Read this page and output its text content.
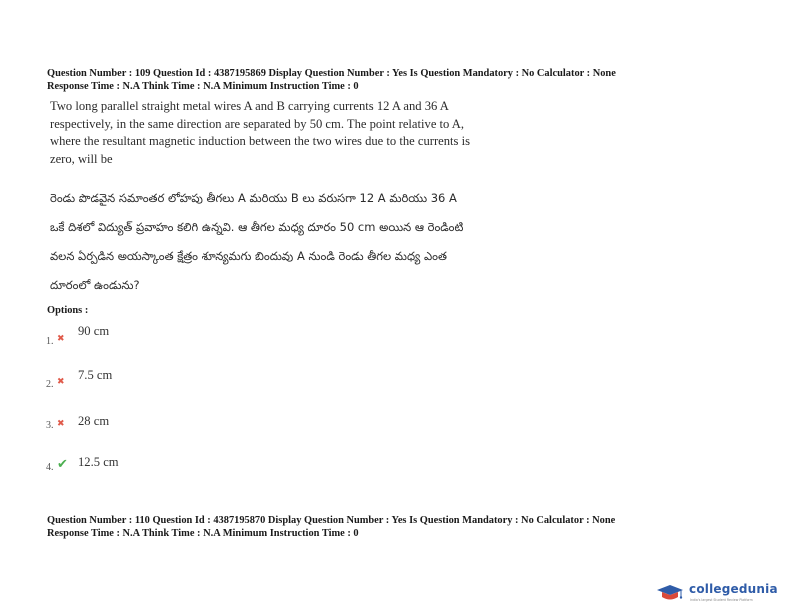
Question Number : 109 Question Id : 4387195869 Display Question Number : Yes Is Question Mandatory : No Calculator : None
Response Time : N.A Think Time : N.A Minimum Instruction Time : 0
Two long parallel straight metal wires A and B carrying currents 12 A and 36 A
respectively, in the same direction are separated by 50 cm. The point relative to A,
where the resultant magnetic induction between the two wires due to the currents is
zero, will be
రెండు పొడవైన సమాంతర లోహపు తీగలు A మరియు B లు వరుసగా 12 A మరియు 36 A
ఒకే దిశలో విద్యుత్ ప్రవాహం కలిగి ఉన్నవి. ఆ తీగల మధ్య దూరం 50 cm అయిన ఆ రెండింటి
వలన ఏర్పడిన అయస్కాంత క్షేత్రం శూన్యమగు బిందువు A నుండి రెండు తీగల మధ్య ఎంత
దూరంలో ఉండును?
Options :
1. ✖
90 cm
2. ✖ 7.5 cm
3. ✖ 28 cm
4. ✔ 12.5 cm
Question Number : 110 Question Id : 4387195870 Display Question Number : Yes Is Question Mandatory : No Calculator : None
Response Time : N.A Think Time : N.A Minimum Instruction Time : 0
collegedunia
India's largest Student Review Platform
